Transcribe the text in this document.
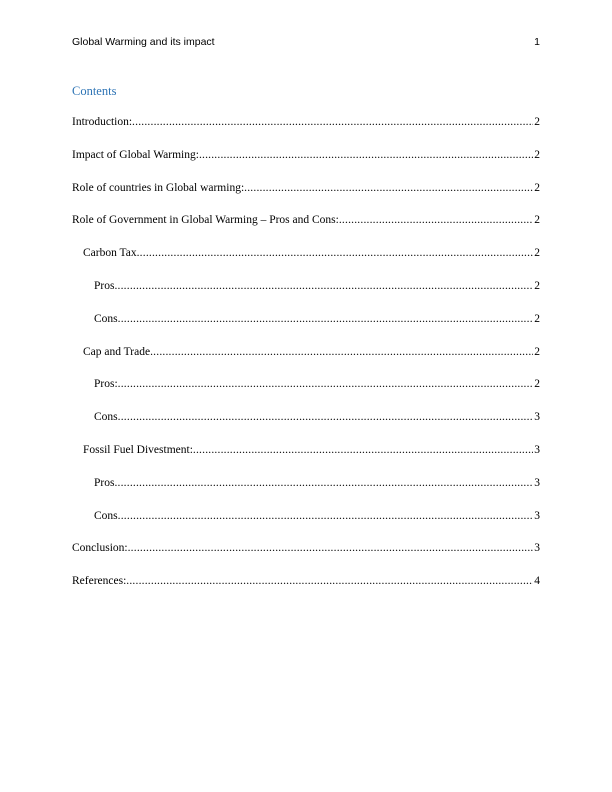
Global Warming and its impact	1
Contents
Introduction: .....	2
Impact of Global Warming: .....	2
Role of countries in Global warming: .....	2
Role of Government in Global Warming – Pros and Cons: .....	2
Carbon Tax .....	2
Pros .....	2
Cons .....	2
Cap and Trade .....	2
Pros: .....	2
Cons .....	3
Fossil Fuel Divestment: .....	3
Pros .....	3
Cons .....	3
Conclusion: .....	3
References: .....	4
